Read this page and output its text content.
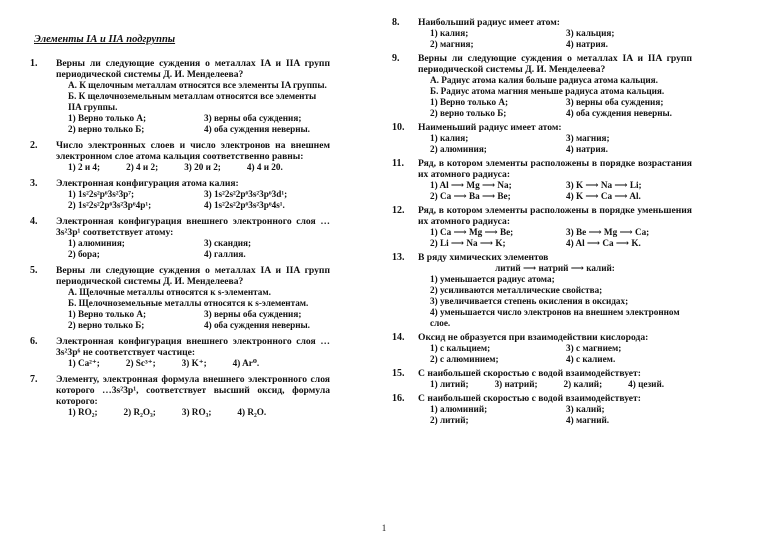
Элементы IА и IIА подгруппы
1. Верны ли следующие суждения о металлах IA и IIA групп периодической системы Д. И. Менделеева?
А. К щелочным металлам относятся все элементы IA группы.
Б. К щелочноземельным металлам относятся все элементы IIA группы.
1) Верно только А;	3) верны оба суждения;
2) верно только Б;	4) оба суждения неверны.
2. Число электронных слоев и число электронов на внешнем электронном слое атома кальция соответственно равны:
1) 2 и 4;	2) 4 и 2;	3) 20 и 2;	4) 4 и 20.
3. Электронная конфигурация атома калия:
1) 1s²2s²p⁶3s²3p⁷;	3) 1s²2s²2p⁶3s²3p⁶3d¹;
2) 1s²2s²2p⁶3s²3p⁶4p¹;	4) 1s²2s²2p⁶3s²3p⁶4s¹.
4. Электронная конфигурация внешнего электронного слоя …3s²3p¹ соответствует атому:
1) алюминия;	3) скандия;
2) бора;	4) галлия.
5. Верны ли следующие суждения о металлах IA и IIA групп периодической системы Д. И. Менделеева?
А. Щелочные металлы относятся к s-элементам.
Б. Щелочноземельные металлы относятся к s-элементам.
1) Верно только А;	3) верны оба суждения;
2) верно только Б;	4) оба суждения неверны.
6. Электронная конфигурация внешнего электронного слоя …3s²3p⁶ не соответствует частице:
1) Ca²⁺;	2) Sc³⁺;	3) K⁺;	4) Ar⁰.
7. Элементу, электронная формула внешнего электронного слоя которого …3s²3p¹, соответствует высший оксид, формула которого:
1) RO₂;	2) R₂O₃;	3) RO₃;	4) R₂O.
8. Наибольший радиус имеет атом:
1) калия;	3) кальция;
2) магния;	4) натрия.
9. Верны ли следующие суждения о металлах IA и IIA групп периодической системы Д. И. Менделеева?
А. Радиус атома калия больше радиуса атома кальция.
Б. Радиус атома магния меньше радиуса атома кальция.
1) Верно только А;	3) верны оба суждения;
2) верно только Б;	4) оба суждения неверны.
10. Наименьший радиус имеет атом:
1) калия;	3) магния;
2) алюминия;	4) натрия.
11. Ряд, в котором элементы расположены в порядке возрастания их атомного радиуса:
1) Al ⟶ Mg ⟶ Na;	3) K ⟶ Na ⟶ Li;
2) Ca ⟶ Ba ⟶ Be;	4) K ⟶ Ca ⟶ Al.
12. Ряд, в котором элементы расположены в порядке уменьшения их атомного радиуса:
1) Ca ⟶ Mg ⟶ Be;	3) Be ⟶ Mg ⟶ Ca;
2) Li ⟶ Na ⟶ K;	4) Al ⟶ Ca ⟶ K.
13. В ряду химических элементов
литий ⟶ натрий ⟶ калий:
1) уменьшается радиус атома;
2) усиливаются металлические свойства;
3) увеличивается степень окисления в оксидах;
4) уменьшается число электронов на внешнем электронном слое.
14. Оксид не образуется при взаимодействии кислорода:
1) с кальцием;	3) с магнием;
2) с алюминием;	4) с калием.
15. С наибольшей скоростью с водой взаимодействует:
1) литий;	3) натрий;	2) калий;	4) цезий.
16. С наибольшей скоростью с водой взаимодействует:
1) алюминий;	3) калий;
2) литий;	4) магний.
1
